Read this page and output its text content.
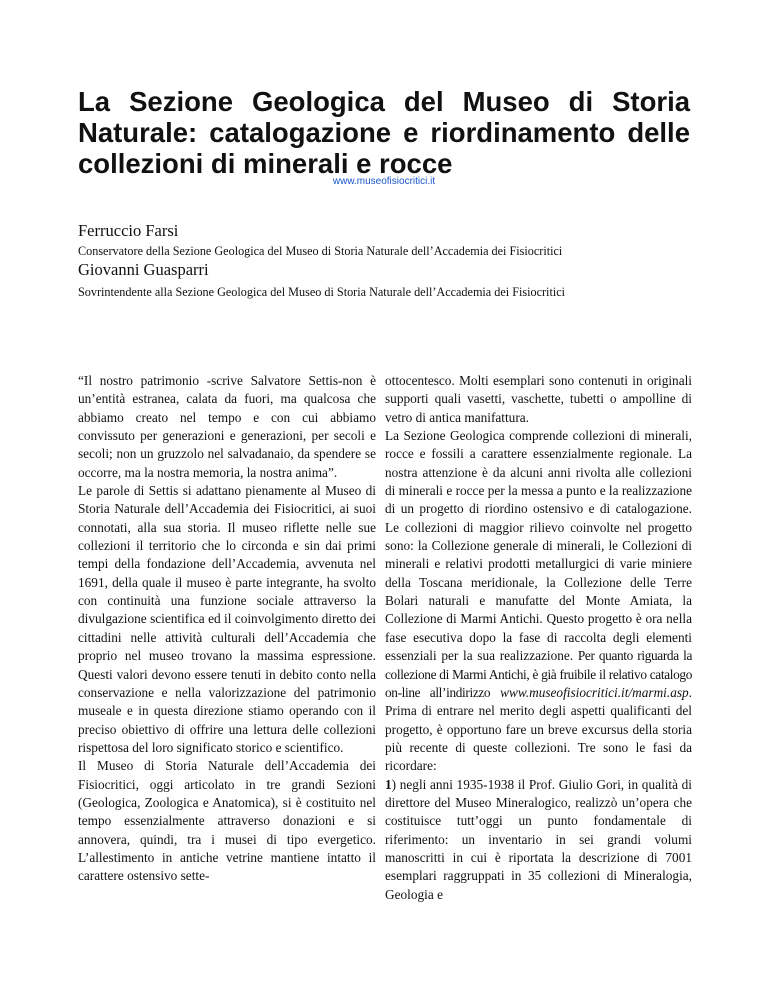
La Sezione Geologica del Museo di Storia Naturale: catalogazione e riordinamento delle collezioni di minerali e rocce
www.museofisiocritici.it

Ferruccio Farsi

Conservatore della Sezione Geologica del Museo di Storia Naturale dell’Accademia dei Fisiocritici

Giovanni Guasparri

Sovrintendente alla Sezione Geologica del Museo di Storia Naturale dell’Accademia dei Fisiocritici

“Il nostro patrimonio -scrive Salvatore Settis-non è un’entità estranea, calata da fuori, ma qualcosa che abbiamo creato nel tempo e con cui abbiamo convissuto per generazioni e generazioni, per secoli e secoli; non un gruzzolo nel salvadanaio, da spendere se occorre, ma la nostra memoria, la nostra anima”.

Le parole di Settis si adattano pienamente al Museo di Storia Naturale dell’Accademia dei Fisiocritici, ai suoi connotati, alla sua storia. Il museo riflette nelle sue collezioni il territorio che lo circonda e sin dai primi tempi della fondazione dell’Accademia, avvenuta nel 1691, della quale il museo è parte integrante, ha svolto con continuità una funzione sociale attraverso la divulgazione scientifica ed il coinvolgimento diretto dei cittadini nelle attività culturali dell’Accademia che proprio nel museo trovano la massima espressione. Questi valori devono essere tenuti in debito conto nella conservazione e nella valorizzazione del patrimonio museale e in questa direzione stiamo operando con il preciso obiettivo di offrire una lettura delle collezioni rispettosa del loro significato storico e scientifico.

Il Museo di Storia Naturale dell’Accademia dei Fisiocritici, oggi articolato in tre grandi Sezioni (Geologica, Zoologica e Anatomica), si è costituito nel tempo essenzialmente attraverso donazioni e si annovera, quindi, tra i musei di tipo evergetico. L’allestimento in antiche vetrine mantiene intatto il carattere ostensivo sette-

ottocentesco. Molti esemplari sono contenuti in originali supporti quali vasetti, vaschette, tubetti o ampolline di vetro di antica manifattura.

La Sezione Geologica comprende collezioni di minerali, rocce e fossili a carattere essenzialmente regionale. La nostra attenzione è da alcuni anni rivolta alle collezioni di minerali e rocce per la messa a punto e la realizzazione di un progetto di riordino ostensivo e di catalogazione. Le collezioni di maggior rilievo coinvolte nel progetto sono: la Collezione generale di minerali, le Collezioni di minerali e relativi prodotti metallurgici di varie miniere della Toscana meridionale, la Collezione delle Terre Bolari naturali e manufatte del Monte Amiata, la Collezione di Marmi Antichi. Questo progetto è ora nella fase esecutiva dopo la fase di raccolta degli elementi essenziali per la sua realizzazione. Per quanto riguarda la collezione di Marmi Antichi, è già fruibile il relativo catalogo on-line all’indirizzo www.museofisiocritici.it/marmi.asp. Prima di entrare nel merito degli aspetti qualificanti del progetto, è opportuno fare un breve excursus della storia più recente di queste collezioni. Tre sono le fasi da ricordare:

1) negli anni 1935-1938 il Prof. Giulio Gori, in qualità di direttore del Museo Mineralogico, realizzò un’opera che costituisce tutt’oggi un punto fondamentale di riferimento: un inventario in sei grandi volumi manoscritti in cui è riportata la descrizione di 7001 esemplari raggruppati in 35 collezioni di Mineralogia, Geologia e
